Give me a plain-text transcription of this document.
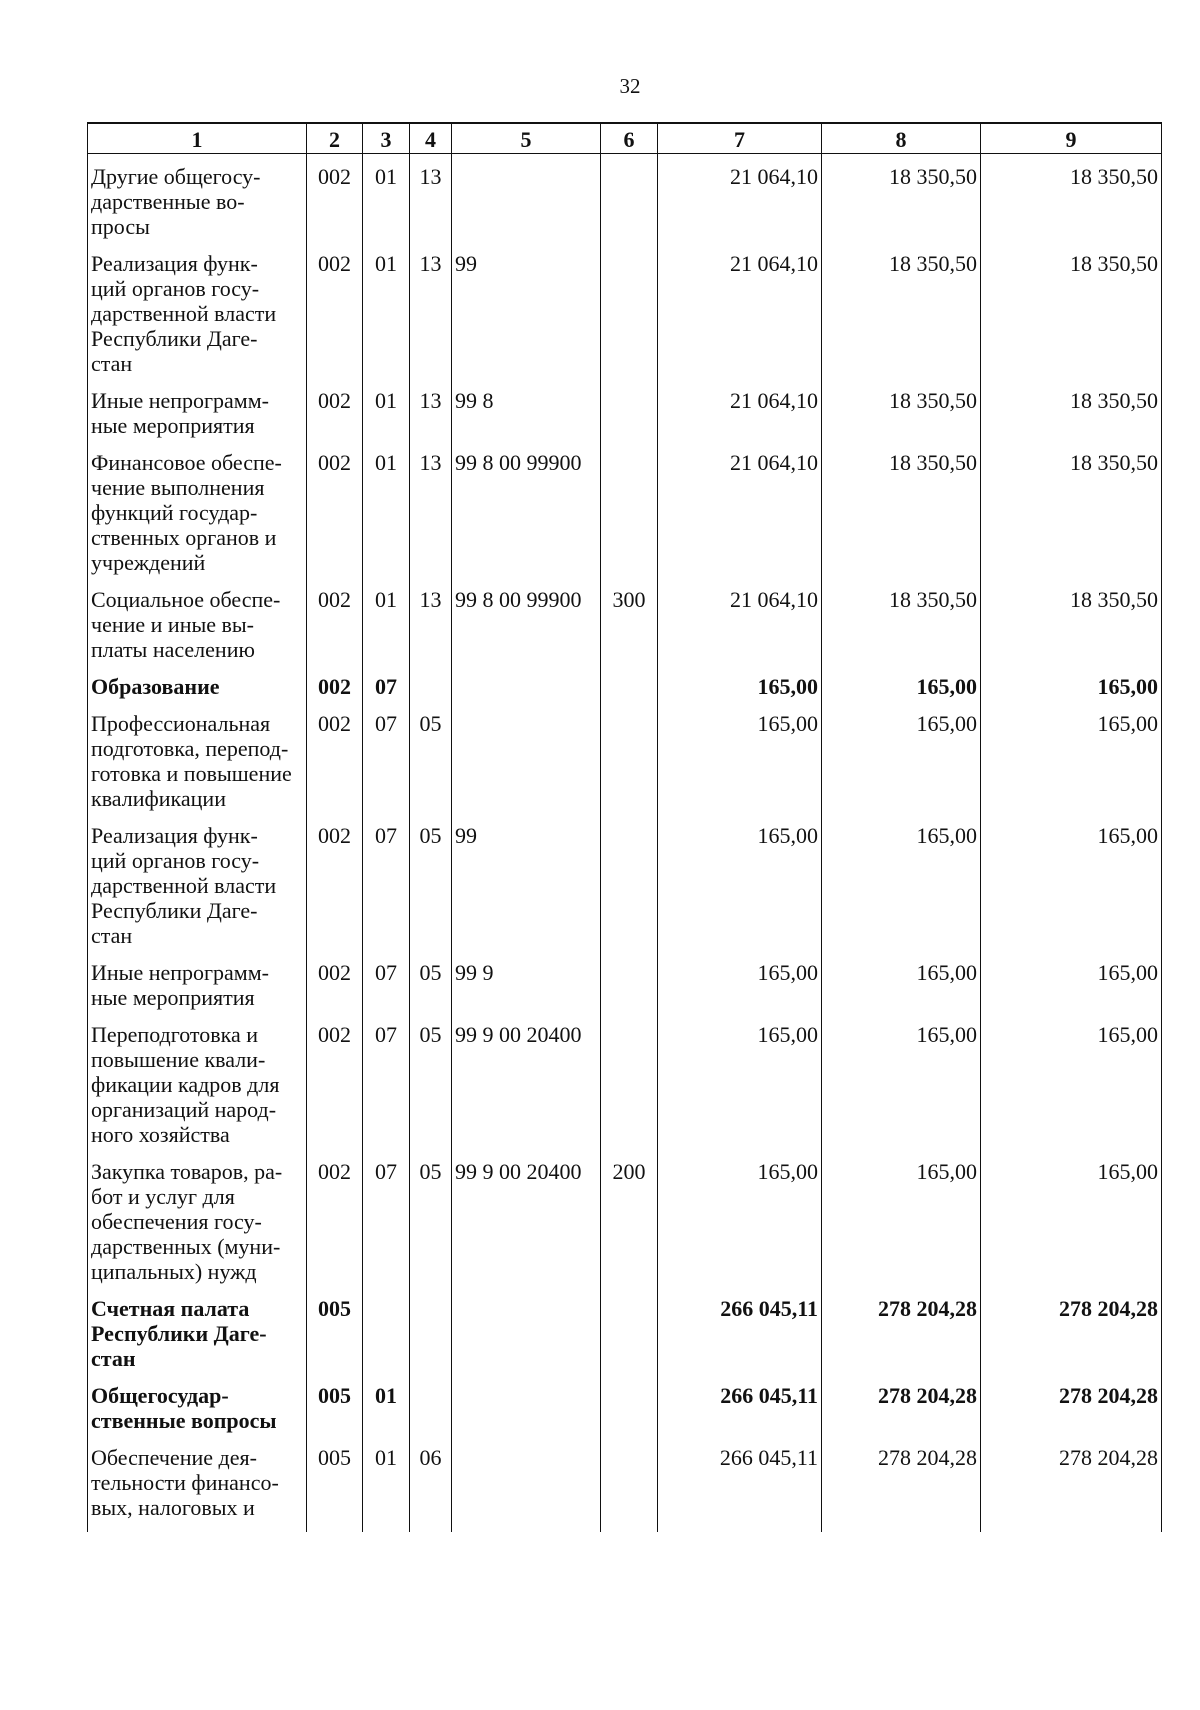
32
1	2	3	4	5	6	7	8	9
Другие общегосу-
дарственные во-
просы	002	01	13			21 064,10	18 350,50	18 350,50
Реализация функ-
ций органов госу-
дарственной власти
Республики Даге-
стан	002	01	13	99		21 064,10	18 350,50	18 350,50
Иные непрограмм-
ные мероприятия	002	01	13	99 8		21 064,10	18 350,50	18 350,50
Финансовое обеспе-
чение выполнения
функций государ-
ственных органов и
учреждений	002	01	13	99 8 00 99900		21 064,10	18 350,50	18 350,50
Социальное обеспе-
чение и иные вы-
платы населению	002	01	13	99 8 00 99900	300	21 064,10	18 350,50	18 350,50
Образование	002	07				165,00	165,00	165,00
Профессиональная
подготовка, перепод-
готовка и повышение
квалификации	002	07	05			165,00	165,00	165,00
Реализация функ-
ций органов госу-
дарственной власти
Республики Даге-
стан	002	07	05	99		165,00	165,00	165,00
Иные непрограмм-
ные мероприятия	002	07	05	99 9		165,00	165,00	165,00
Переподготовка и
повышение квали-
фикации кадров для
организаций народ-
ного хозяйства	002	07	05	99 9 00 20400		165,00	165,00	165,00
Закупка товаров, ра-
бот и услуг для
обеспечения госу-
дарственных (муни-
ципальных) нужд	002	07	05	99 9 00 20400	200	165,00	165,00	165,00
Счетная палата
Республики Даге-
стан	005					266 045,11	278 204,28	278 204,28
Общегосудар-
ственные вопросы	005	01				266 045,11	278 204,28	278 204,28
Обеспечение дея-
тельности финансо-
вых, налоговых и	005	01	06			266 045,11	278 204,28	278 204,28
